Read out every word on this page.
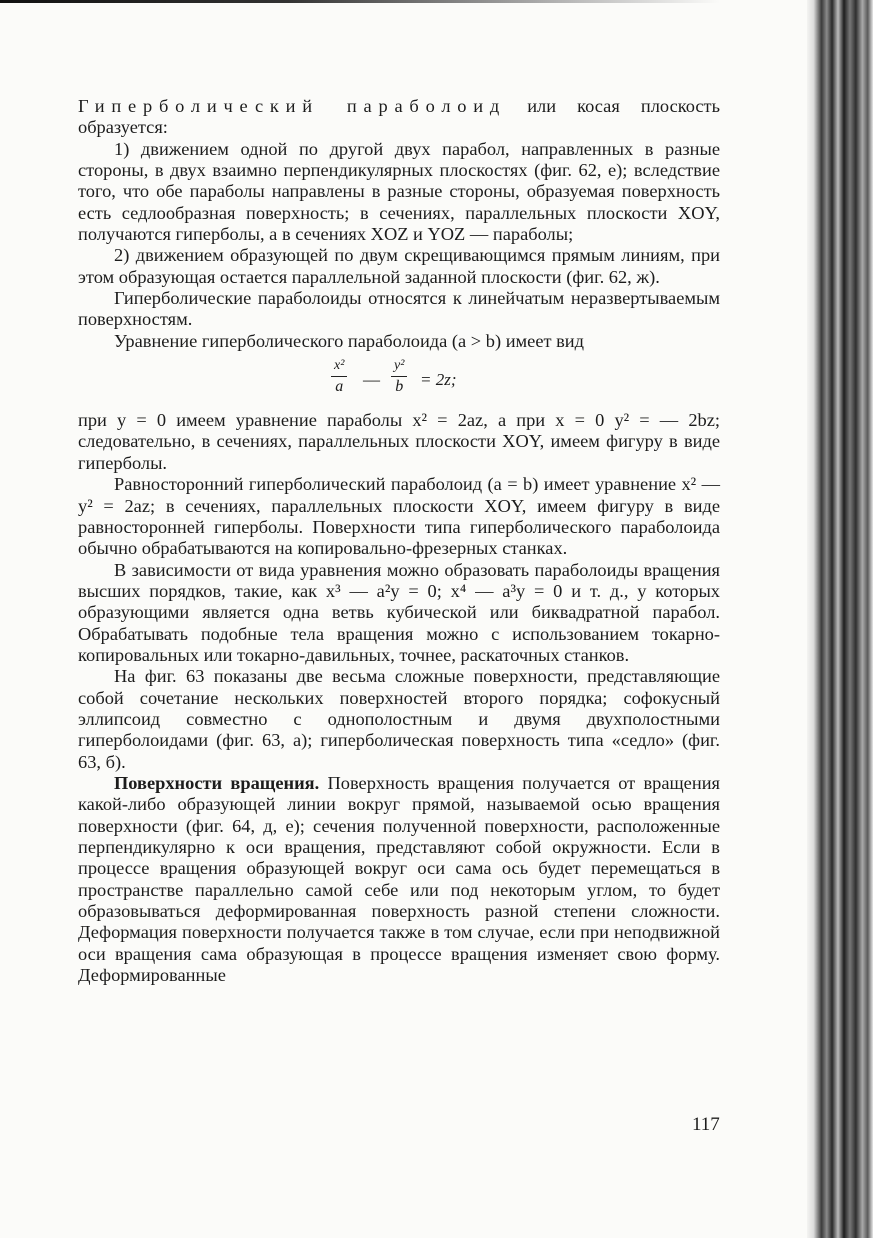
Гиперболический параболоид или косая плоскость образуется:

1) движением одной по другой двух парабол, направленных в разные стороны, в двух взаимно перпендикулярных плоскостях (фиг. 62, е); вследствие того, что обе параболы направлены в разные стороны, образуемая поверхность есть седлообразная поверхность; в сечениях, параллельных плоскости XOY, получаются гиперболы, а в сечениях XOZ и YOZ — параболы;

2) движением образующей по двум скрещивающимся прямым линиям, при этом образующая остается параллельной заданной плоскости (фиг. 62, ж).

Гиперболические параболоиды относятся к линейчатым неразвертываемым поверхностям.

Уравнение гиперболического параболоида (a > b) имеет вид

$\frac{\text{x²}}{a}$ — $\frac{\text{y²}}{b} = 2z$;

при y = 0 имеем уравнение параболы x² = 2az, а при x = 0 y² = — 2bz; следовательно, в сечениях, параллельных плоскости XOY, имеем фигуру в виде гиперболы.

Равносторонний гиперболический параболоид (a = b) имеет уравнение x² — y² = 2az; в сечениях, параллельных плоскости XOY, имеем фигуру в виде равносторонней гиперболы. Поверхности типа гиперболического параболоида обычно обрабатываются на копировально-фрезерных станках.

В зависимости от вида уравнения можно образовать параболоиды вращения высших порядков, такие, как x³ — a²y = 0; x⁴ — a³y = 0 и т. д., у которых образующими является одна ветвь кубической или биквадратной парабол. Обрабатывать подобные тела вращения можно с использованием токарно-копировальных или токарно-давильных, точнее, раскаточных станков.

На фиг. 63 показаны две весьма сложные поверхности, представляющие собой сочетание нескольких поверхностей второго порядка; софокусный эллипсоид совместно с однополостным и двумя двухполостными гиперболоидами (фиг. 63, а); гиперболическая поверхность типа «седло» (фиг. 63, б).

Поверхности вращения. Поверхность вращения получается от вращения какой-либо образующей линии вокруг прямой, называемой осью вращения поверхности (фиг. 64, д, е); сечения полученной поверхности, расположенные перпендикулярно к оси вращения, представляют собой окружности. Если в процессе вращения образующей вокруг оси сама ось будет перемещаться в пространстве параллельно самой себе или под некоторым углом, то будет образовываться деформированная поверхность разной степени сложности. Деформация поверхности получается также в том случае, если при неподвижной оси вращения сама образующая в процессе вращения изменяет свою форму. Деформированные

117
